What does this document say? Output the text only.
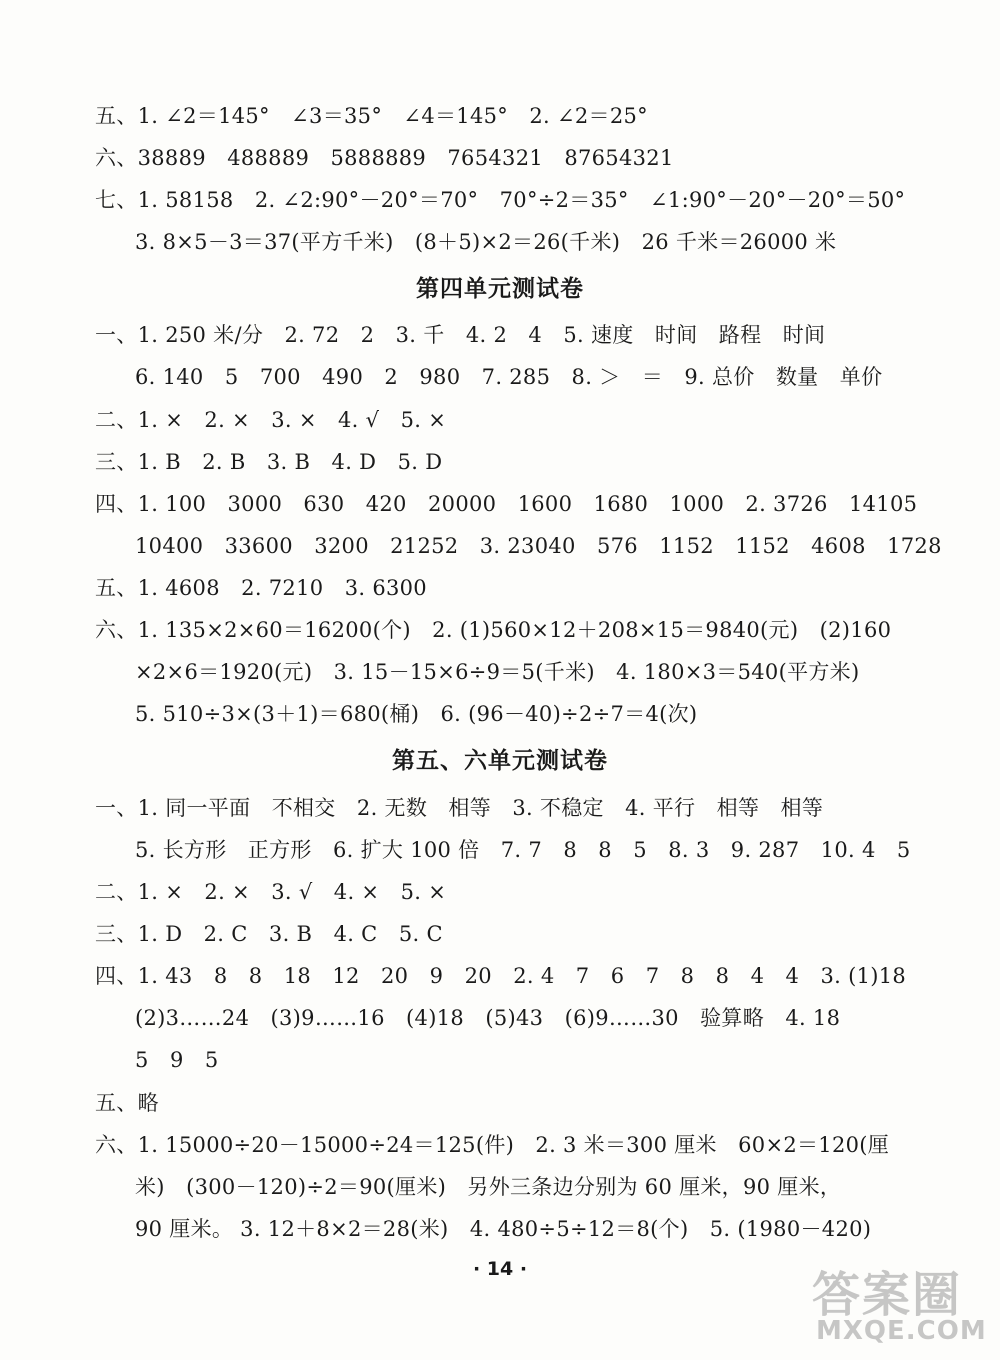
五、1. ∠2＝145°　∠3＝35°　∠4＝145°　2. ∠2＝25°
六、38889　488889　5888889　7654321　87654321
七、1. 58158　2. ∠2:90°－20°＝70°　70°÷2＝35°　∠1:90°－20°－20°＝50°
3. 8×5－3＝37(平方千米)　(8＋5)×2＝26(千米)　26 千米＝26000 米
第四单元测试卷
一、1. 250 米/分　2. 72　2　3. 千　4. 2　4　5. 速度　时间　路程　时间
6. 140　5　700　490　2　980　7. 285　8. ＞　＝　9. 总价　数量　单价
二、1. ×　2. ×　3. ×　4. √　5. ×
三、1. B　2. B　3. B　4. D　5. D
四、1. 100　3000　630　420　20000　1600　1680　1000　2. 3726　14105
10400　33600　3200　21252　3. 23040　576　1152　1152　4608　1728
五、1. 4608　2. 7210　3. 6300
六、1. 135×2×60＝16200(个)　2. (1)560×12＋208×15＝9840(元)　(2)160
×2×6＝1920(元)　3. 15－15×6÷9＝5(千米)　4. 180×3＝540(平方米)
5. 510÷3×(3＋1)＝680(桶)　6. (96－40)÷2÷7＝4(次)
第五、六单元测试卷
一、1. 同一平面　不相交　2. 无数　相等　3. 不稳定　4. 平行　相等　相等
5. 长方形　正方形　6. 扩大 100 倍　7. 7　8　8　5　8. 3　9. 287　10. 4　5
二、1. ×　2. ×　3. √　4. ×　5. ×
三、1. D　2. C　3. B　4. C　5. C
四、1. 43　8　8　18　12　20　9　20　2. 4　7　6　7　8　8　4　4　3. (1)18
(2)3……24　(3)9……16　(4)18　(5)43　(6)9……30　验算略　4. 18
5　9　5
五、略
六、1. 15000÷20－15000÷24＝125(件)　2. 3 米＝300 厘米　60×2＝120(厘
米)　(300－120)÷2＝90(厘米)　另外三条边分别为 60 厘米，90 厘米，
90 厘米。 3. 12＋8×2＝28(米)　4. 480÷5÷12＝8(个)　5. (1980－420)
· 14 ·	答案圈
MXQE.COM
